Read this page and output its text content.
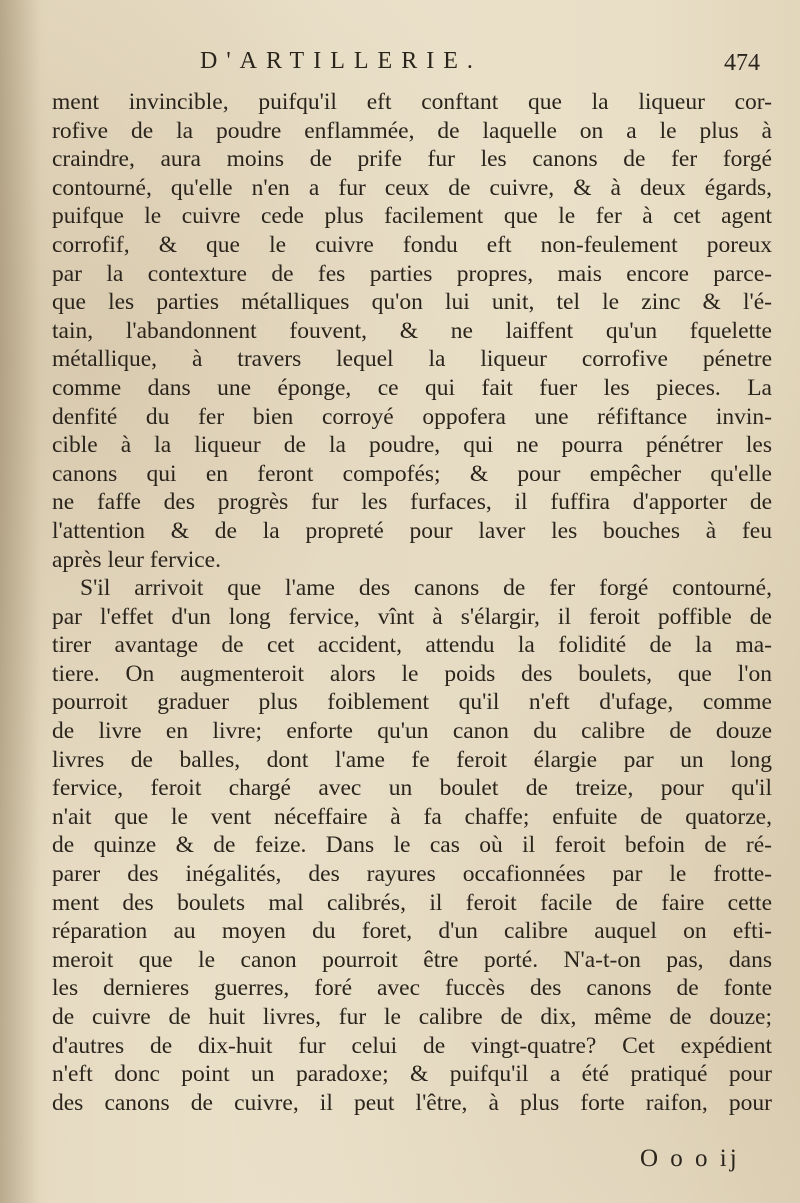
D'ARTILLERIE.	474
ment invincible, puifqu'il eft conftant que la liqueur cor-
rofive de la poudre enflammée, de laquelle on a le plus à
craindre, aura moins de prife fur les canons de fer forgé
contourné, qu'elle n'en a fur ceux de cuivre, & à deux égards,
puifque le cuivre cede plus facilement que le fer à cet agent
corrofif, & que le cuivre fondu eft non-feulement poreux
par la contexture de fes parties propres, mais encore parce-
que les parties métalliques qu'on lui unit, tel le zinc & l'é-
tain, l'abandonnent fouvent, & ne laiffent qu'un fquelette
métallique, à travers lequel la liqueur corrofive pénetre
comme dans une éponge, ce qui fait fuer les pieces. La
denfité du fer bien corroyé oppofera une réfiftance invin-
cible à la liqueur de la poudre, qui ne pourra pénétrer les
canons qui en feront compofés; & pour empêcher qu'elle
ne faffe des progrès fur les furfaces, il fuffira d'apporter de
l'attention & de la propreté pour laver les bouches à feu
après leur fervice.
S'il arrivoit que l'ame des canons de fer forgé contourné,
par l'effet d'un long fervice, vînt à s'élargir, il feroit poffible de
tirer avantage de cet accident, attendu la folidité de la ma-
tiere. On augmenteroit alors le poids des boulets, que l'on
pourroit graduer plus foiblement qu'il n'eft d'ufage, comme
de livre en livre; enforte qu'un canon du calibre de douze
livres de balles, dont l'ame fe feroit élargie par un long
fervice, feroit chargé avec un boulet de treize, pour qu'il
n'ait que le vent néceffaire à fa chaffe; enfuite de quatorze,
de quinze & de feize. Dans le cas où il feroit befoin de ré-
parer des inégalités, des rayures occafionnées par le frotte-
ment des boulets mal calibrés, il feroit facile de faire cette
réparation au moyen du foret, d'un calibre auquel on efti-
meroit que le canon pourroit être porté. N'a-t-on pas, dans
les dernieres guerres, foré avec fuccès des canons de fonte
de cuivre de huit livres, fur le calibre de dix, même de douze;
d'autres de dix-huit fur celui de vingt-quatre? Cet expédient
n'eft donc point un paradoxe; & puifqu'il a été pratiqué pour
des canons de cuivre, il peut l'être, à plus forte raifon, pour
O o o ij
